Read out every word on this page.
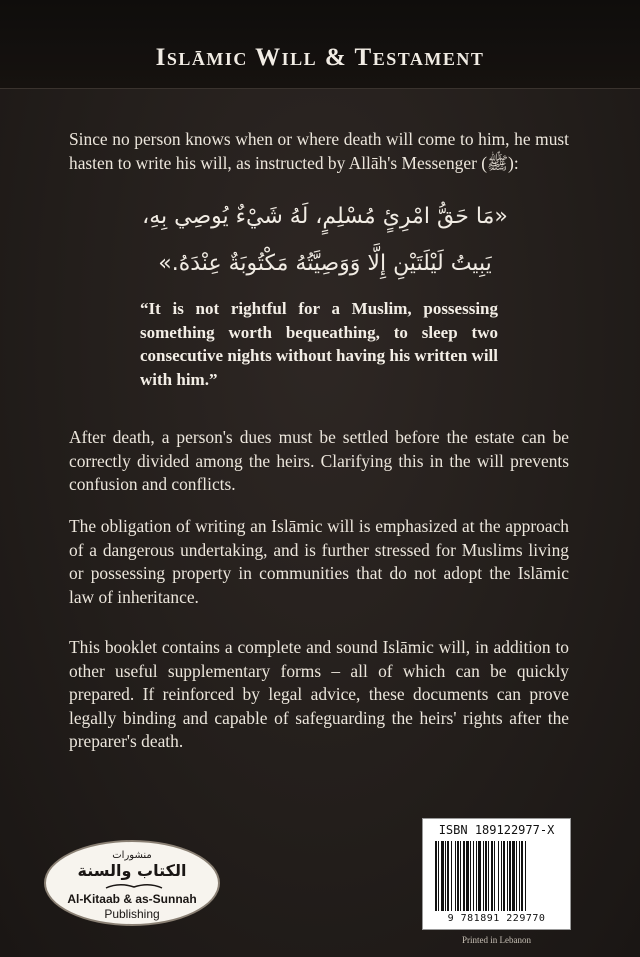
Islāmic Will & Testament

Since no person knows when or where death will come to him, he must hasten to write his will, as instructed by Allāh's Messenger (ﷺ):

«مَا حَقُّ امْرِئٍ مُسْلِمٍ، لَهُ شَيْءٌ يُوصِي بِهِ،
يَبِيتُ لَيْلَتَيْنِ إِلَّا وَوَصِيَّتُهُ مَكْتُوبَةٌ عِنْدَهُ.»

“It is not rightful for a Muslim, possessing something worth bequeathing, to sleep two consecutive nights without having his written will with him.”

After death, a person's dues must be settled before the estate can be correctly divided among the heirs. Clarifying this in the will prevents confusion and conflicts.

The obligation of writing an Islāmic will is emphasized at the approach of a dangerous undertaking, and is further stressed for Muslims living or possessing property in communities that do not adopt the Islāmic law of inheritance.

This booklet contains a complete and sound Islāmic will, in addition to other useful supplementary forms – all of which can be quickly prepared. If reinforced by legal advice, these documents can prove legally binding and capable of safeguarding the heirs' rights after the preparer's death.

منشورات
الكتاب والسنة
Al-Kitaab & as-Sunnah
Publishing
ISBN 189122977-X
9 781891 229770
Printed in Lebanon
